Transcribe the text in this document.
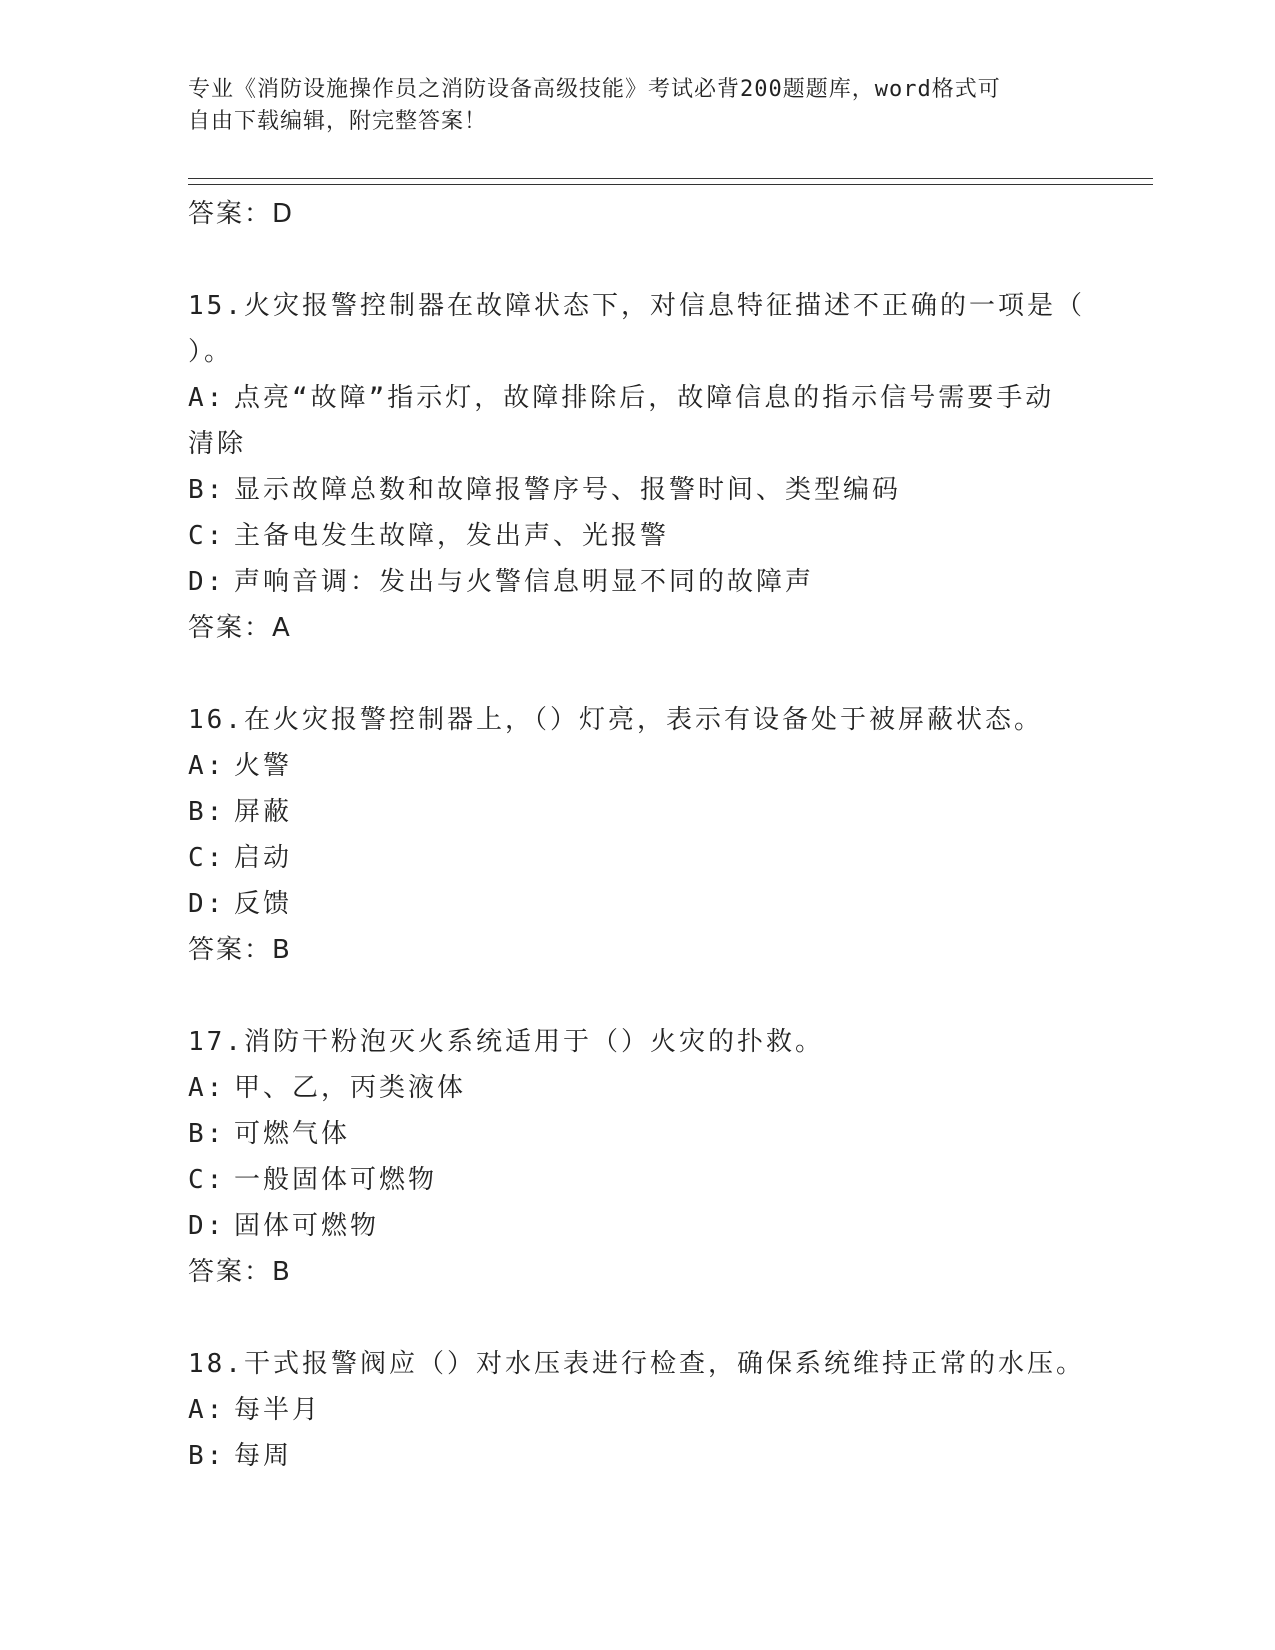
专业《消防设施操作员之消防设备高级技能》考试必背200题题库，word格式可
自由下载编辑，附完整答案！
答案：D
15.火灾报警控制器在故障状态下，对信息特征描述不正确的一项是（
）。
A: 点亮“故障”指示灯，故障排除后，故障信息的指示信号需要手动
清除
B: 显示故障总数和故障报警序号、报警时间、类型编码
C: 主备电发生故障，发出声、光报警
D: 声响音调：发出与火警信息明显不同的故障声
答案：A
16.在火灾报警控制器上，（）灯亮，表示有设备处于被屏蔽状态。
A: 火警
B: 屏蔽
C: 启动
D: 反馈
答案：B
17.消防干粉泡灭火系统适用于（）火灾的扑救。
A: 甲、乙，丙类液体
B: 可燃气体
C: 一般固体可燃物
D: 固体可燃物
答案：B
18.干式报警阀应（）对水压表进行检查，确保系统维持正常的水压。
A: 每半月
B: 每周
